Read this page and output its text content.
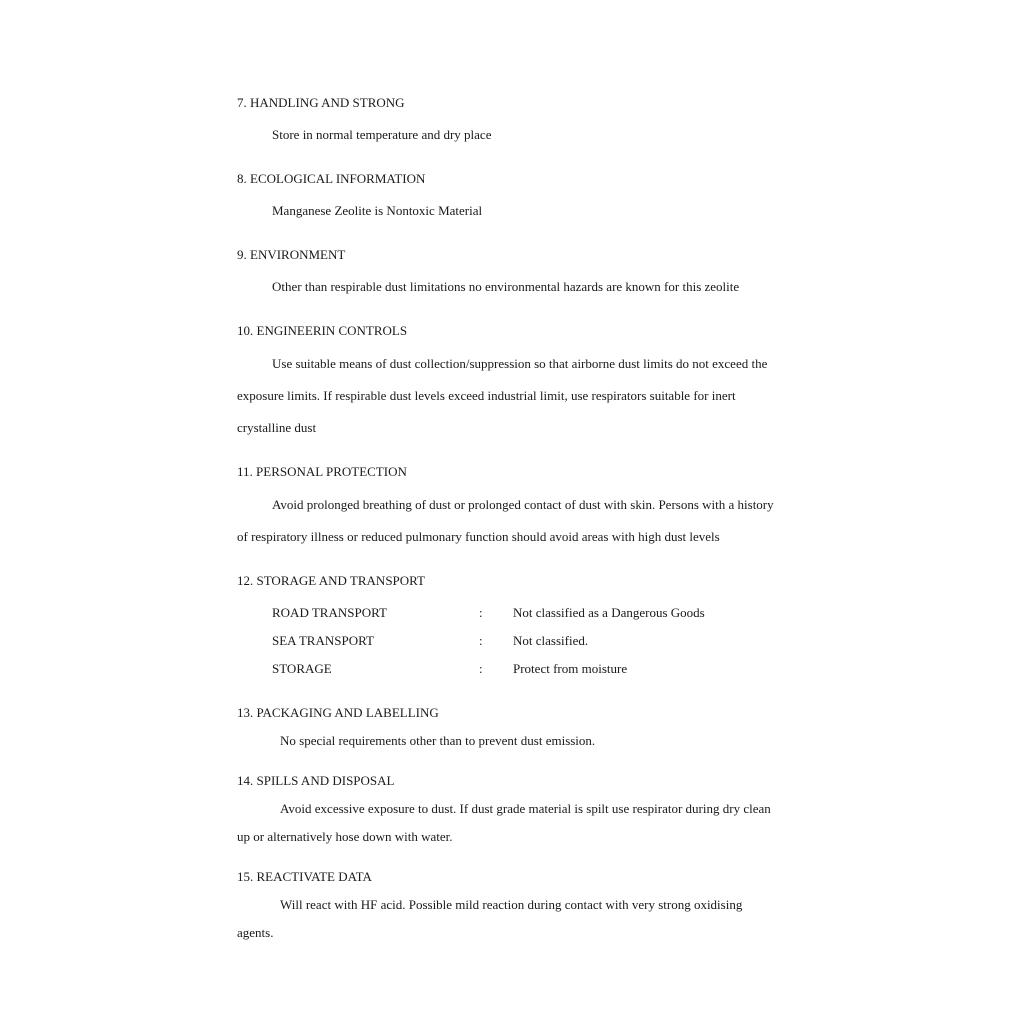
7. HANDLING AND STRONG
Store in normal temperature and dry place
8. ECOLOGICAL INFORMATION
Manganese Zeolite is Nontoxic Material
9. ENVIRONMENT
Other than respirable dust limitations no environmental hazards are known for this zeolite
10. ENGINEERIN CONTROLS
Use suitable means of dust collection/suppression so that airborne dust limits do not exceed the
exposure limits. If respirable dust levels exceed industrial limit, use respirators suitable for inert
crystalline dust
11. PERSONAL PROTECTION
Avoid prolonged breathing of dust or prolonged contact of dust with skin. Persons with a history
of respiratory illness or reduced pulmonary function should avoid areas with high dust levels
12. STORAGE AND TRANSPORT
ROAD TRANSPORT	: Not classified as a Dangerous Goods
SEA TRANSPORT	: Not classified.
STORAGE	: Protect from moisture
13. PACKAGING AND LABELLING
No special requirements other than to prevent dust emission.
14. SPILLS AND DISPOSAL
Avoid excessive exposure to dust. If dust grade material is spilt use respirator during dry clean
up or alternatively hose down with water.
15. REACTIVATE DATA
Will react with HF acid. Possible mild reaction during contact with very strong oxidising
agents.
